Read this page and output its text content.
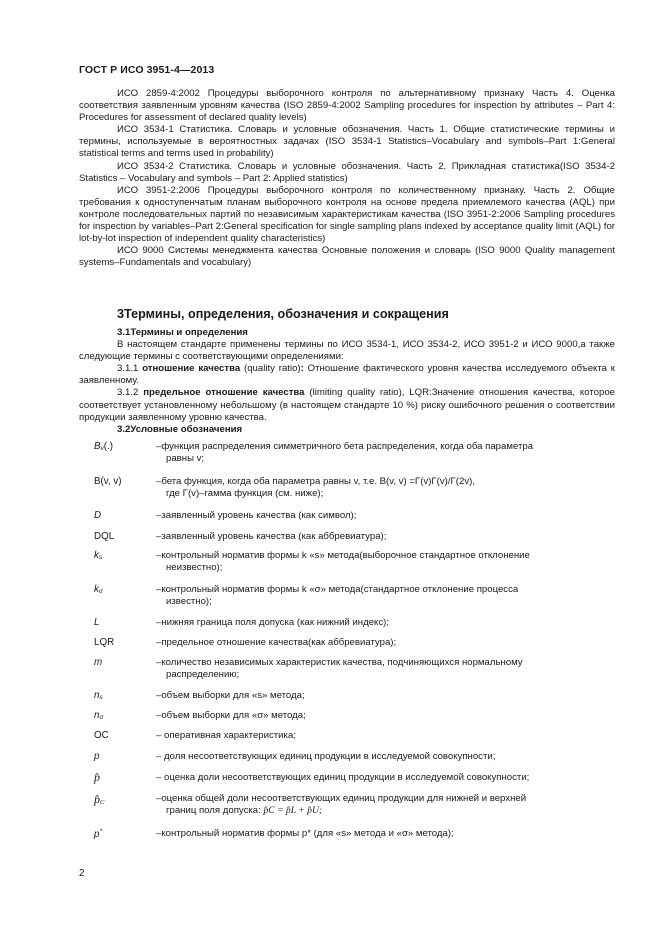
ГОСТ Р ИСО 3951-4—2013

ИСО 2859-4:2002 Процедуры выборочного контроля по альтернативному признаку Часть 4. Оценка соответствия заявленным уровням качества (ISO 2859-4:2002 Sampling procedures for inspection by attributes – Part 4: Procedures for assessment of declared quality levels)

ИСО 3534-1 Статистика. Словарь и условные обозначения. Часть 1. Общие статистические термины и термины, используемые в вероятностных задачах (ISO 3534-1 Statistics–Vocabulary and symbols–Part 1:General statistical terms and terms used in probability)

ИСО 3534-2 Статистика. Словарь и условные обозначения. Часть 2. Прикладная статистика(ISO 3534-2 Statistics – Vocabulary and symbols – Part 2: Applied statistics)

ИСО 3951-2:2006 Процедуры выборочного контроля по количественному признаку. Часть 2. Общие требования к одноступенчатым планам выборочного контроля на основе предела приемлемого качества (AQL) при контроле последовательных партий по независимым характеристикам качества (ISO 3951-2:2006 Sampling procedures for inspection by variables–Part 2:General specification for single sampling plans indexed by acceptance quality limit (AQL) for lot-by-lot inspection of independent quality characteristics)

ИСО 9000 Системы менеджмента качества Основные положения и словарь (ISO 9000 Quality management systems–Fundamentals and vocabulary)

3Термины, определения, обозначения и сокращения

3.1Термины и определения

В настоящем стандарте применены термины по ИСО 3534-1, ИСО 3534-2, ИСО 3951-2 и ИСО 9000,а также следующие термины с соответствующими определениями:

3.1.1 отношение качества (quality ratio): Отношение фактического уровня качества исследуемого объекта к заявленному.

3.1.2 предельное отношение качества (limiting quality ratio), LQR:Значение отношения качества, которое соответствует установленному небольшому (в настоящем стандарте 10 %) риску ошибочного решения о соответствии продукции заявленному уровню качества.

3.2Условные обозначения

Bv(.)	–функция распределения симметричного бета распределения, когда оба параметра
равны v;
B(v, v)	–бета функция, когда оба параметра равны v, т.е. B(v, v) =Γ(v)Γ(v)/Γ(2v),
где Γ(v)–гамма функция (см. ниже);
D	–заявленный уровень качества (как символ);
DQL	–заявленный уровень качества (как аббревиатура);
ks	–контрольный норматив формы k «s» метода(выборочное стандартное отклонение
неизвестно);
kσ	–контрольный норматив формы k «σ» метода(стандартное отклонение процесса
известно);
L	–нижняя граница поля допуска (как нижний индекс);
LQR	–предельное отношение качества(как аббревиатура);
m	–количество независимых характеристик качества, подчиняющихся нормальному
распределению;
ns	–объем выборки для «s» метода;
nσ	–объем выборки для «σ» метода;
OC	– оперативная характеристика;
p	– доля несоответствующих единиц продукции в исследуемой совокупности;
p̂	– оценка доли несоответствующих единиц продукции в исследуемой совокупности;
p̂C	–оценка общей доли несоответствующих единиц продукции для нижней и верхней
границ поля допуска: p̂C = p̂L + p̂U;
p*	–контрольный норматив формы p* (для «s» метода и «σ» метода);
2
